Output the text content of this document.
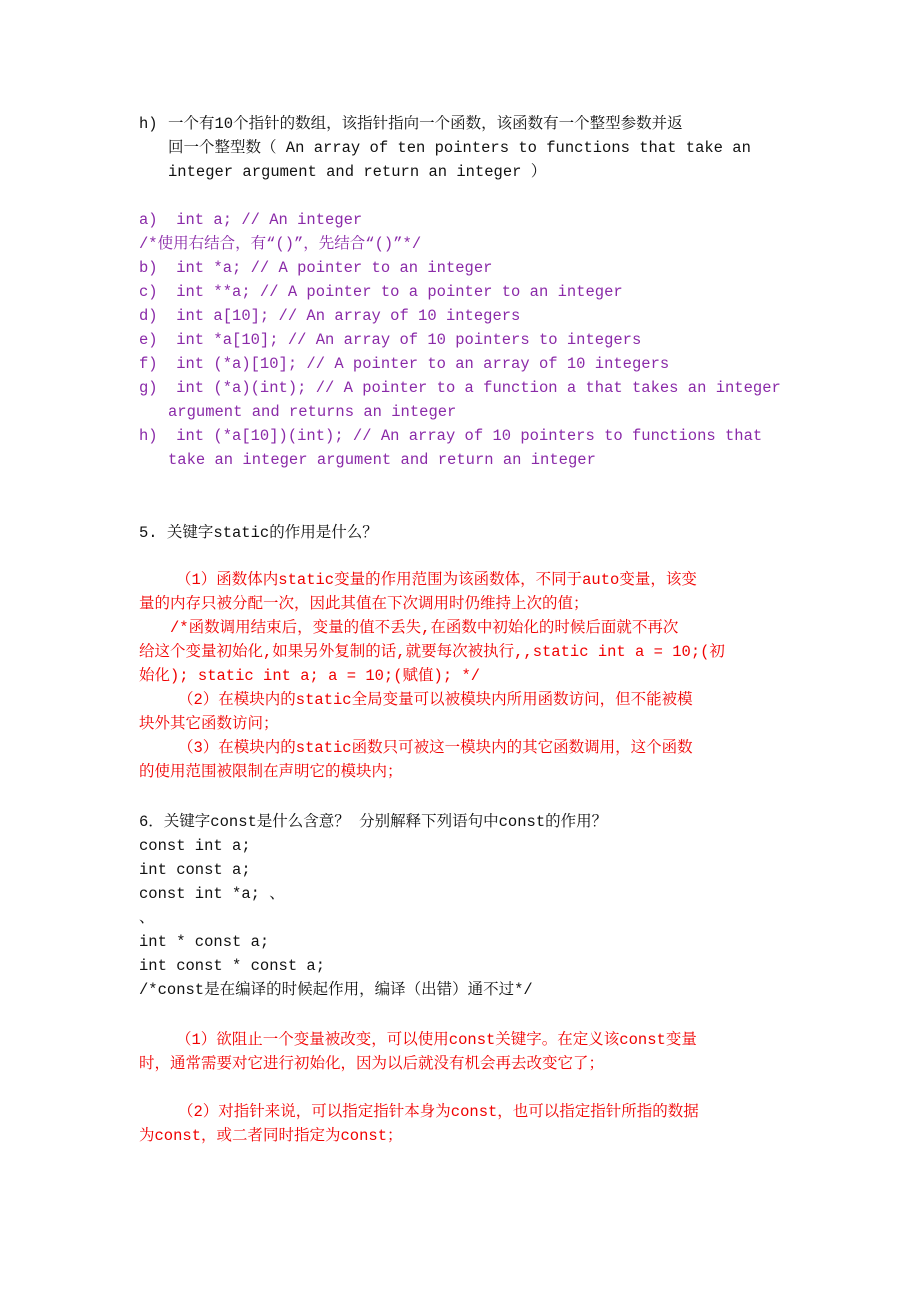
h) 一个有10个指针的数组，该指针指向一个函数，该函数有一个整型参数并返
回一个整型数（ An array of ten pointers to functions that take an
integer argument and return an integer ）
a)  int a; // An integer
/*使用右结合，有“()”，先结合“()”*/
b)  int *a; // A pointer to an integer
c)  int **a; // A pointer to a pointer to an integer
d)  int a[10]; // An array of 10 integers
e)  int *a[10]; // An array of 10 pointers to integers
f)  int (*a)[10]; // A pointer to an array of 10 integers
g)  int (*a)(int); // A pointer to a function a that takes an integer
argument and returns an integer
h)  int (*a[10])(int); // An array of 10 pointers to functions that
take an integer argument and return an integer
5. 关键字static的作用是什么？
（1）函数体内static变量的作用范围为该函数体，不同于auto变量，该变
量的内存只被分配一次，因此其值在下次调用时仍维持上次的值；
/*函数调用结束后，变量的值不丢失,在函数中初始化的时候后面就不再次
给这个变量初始化,如果另外复制的话,就要每次被执行,,static int a = 10;(初
始化); static int a; a = 10;(赋值); */
（2）在模块内的static全局变量可以被模块内所用函数访问，但不能被模
块外其它函数访问；
（3）在模块内的static函数只可被这一模块内的其它函数调用，这个函数
的使用范围被限制在声明它的模块内；
6．关键字const是什么含意？ 分别解释下列语句中const的作用？
const int a;
int const a;
const int *a; 、
、
int * const a;
int const * const a;
/*const是在编译的时候起作用，编译（出错）通不过*/
（1）欲阻止一个变量被改变，可以使用const关键字。在定义该const变量
时，通常需要对它进行初始化，因为以后就没有机会再去改变它了；
（2）对指针来说，可以指定指针本身为const，也可以指定指针所指的数据
为const，或二者同时指定为const；
